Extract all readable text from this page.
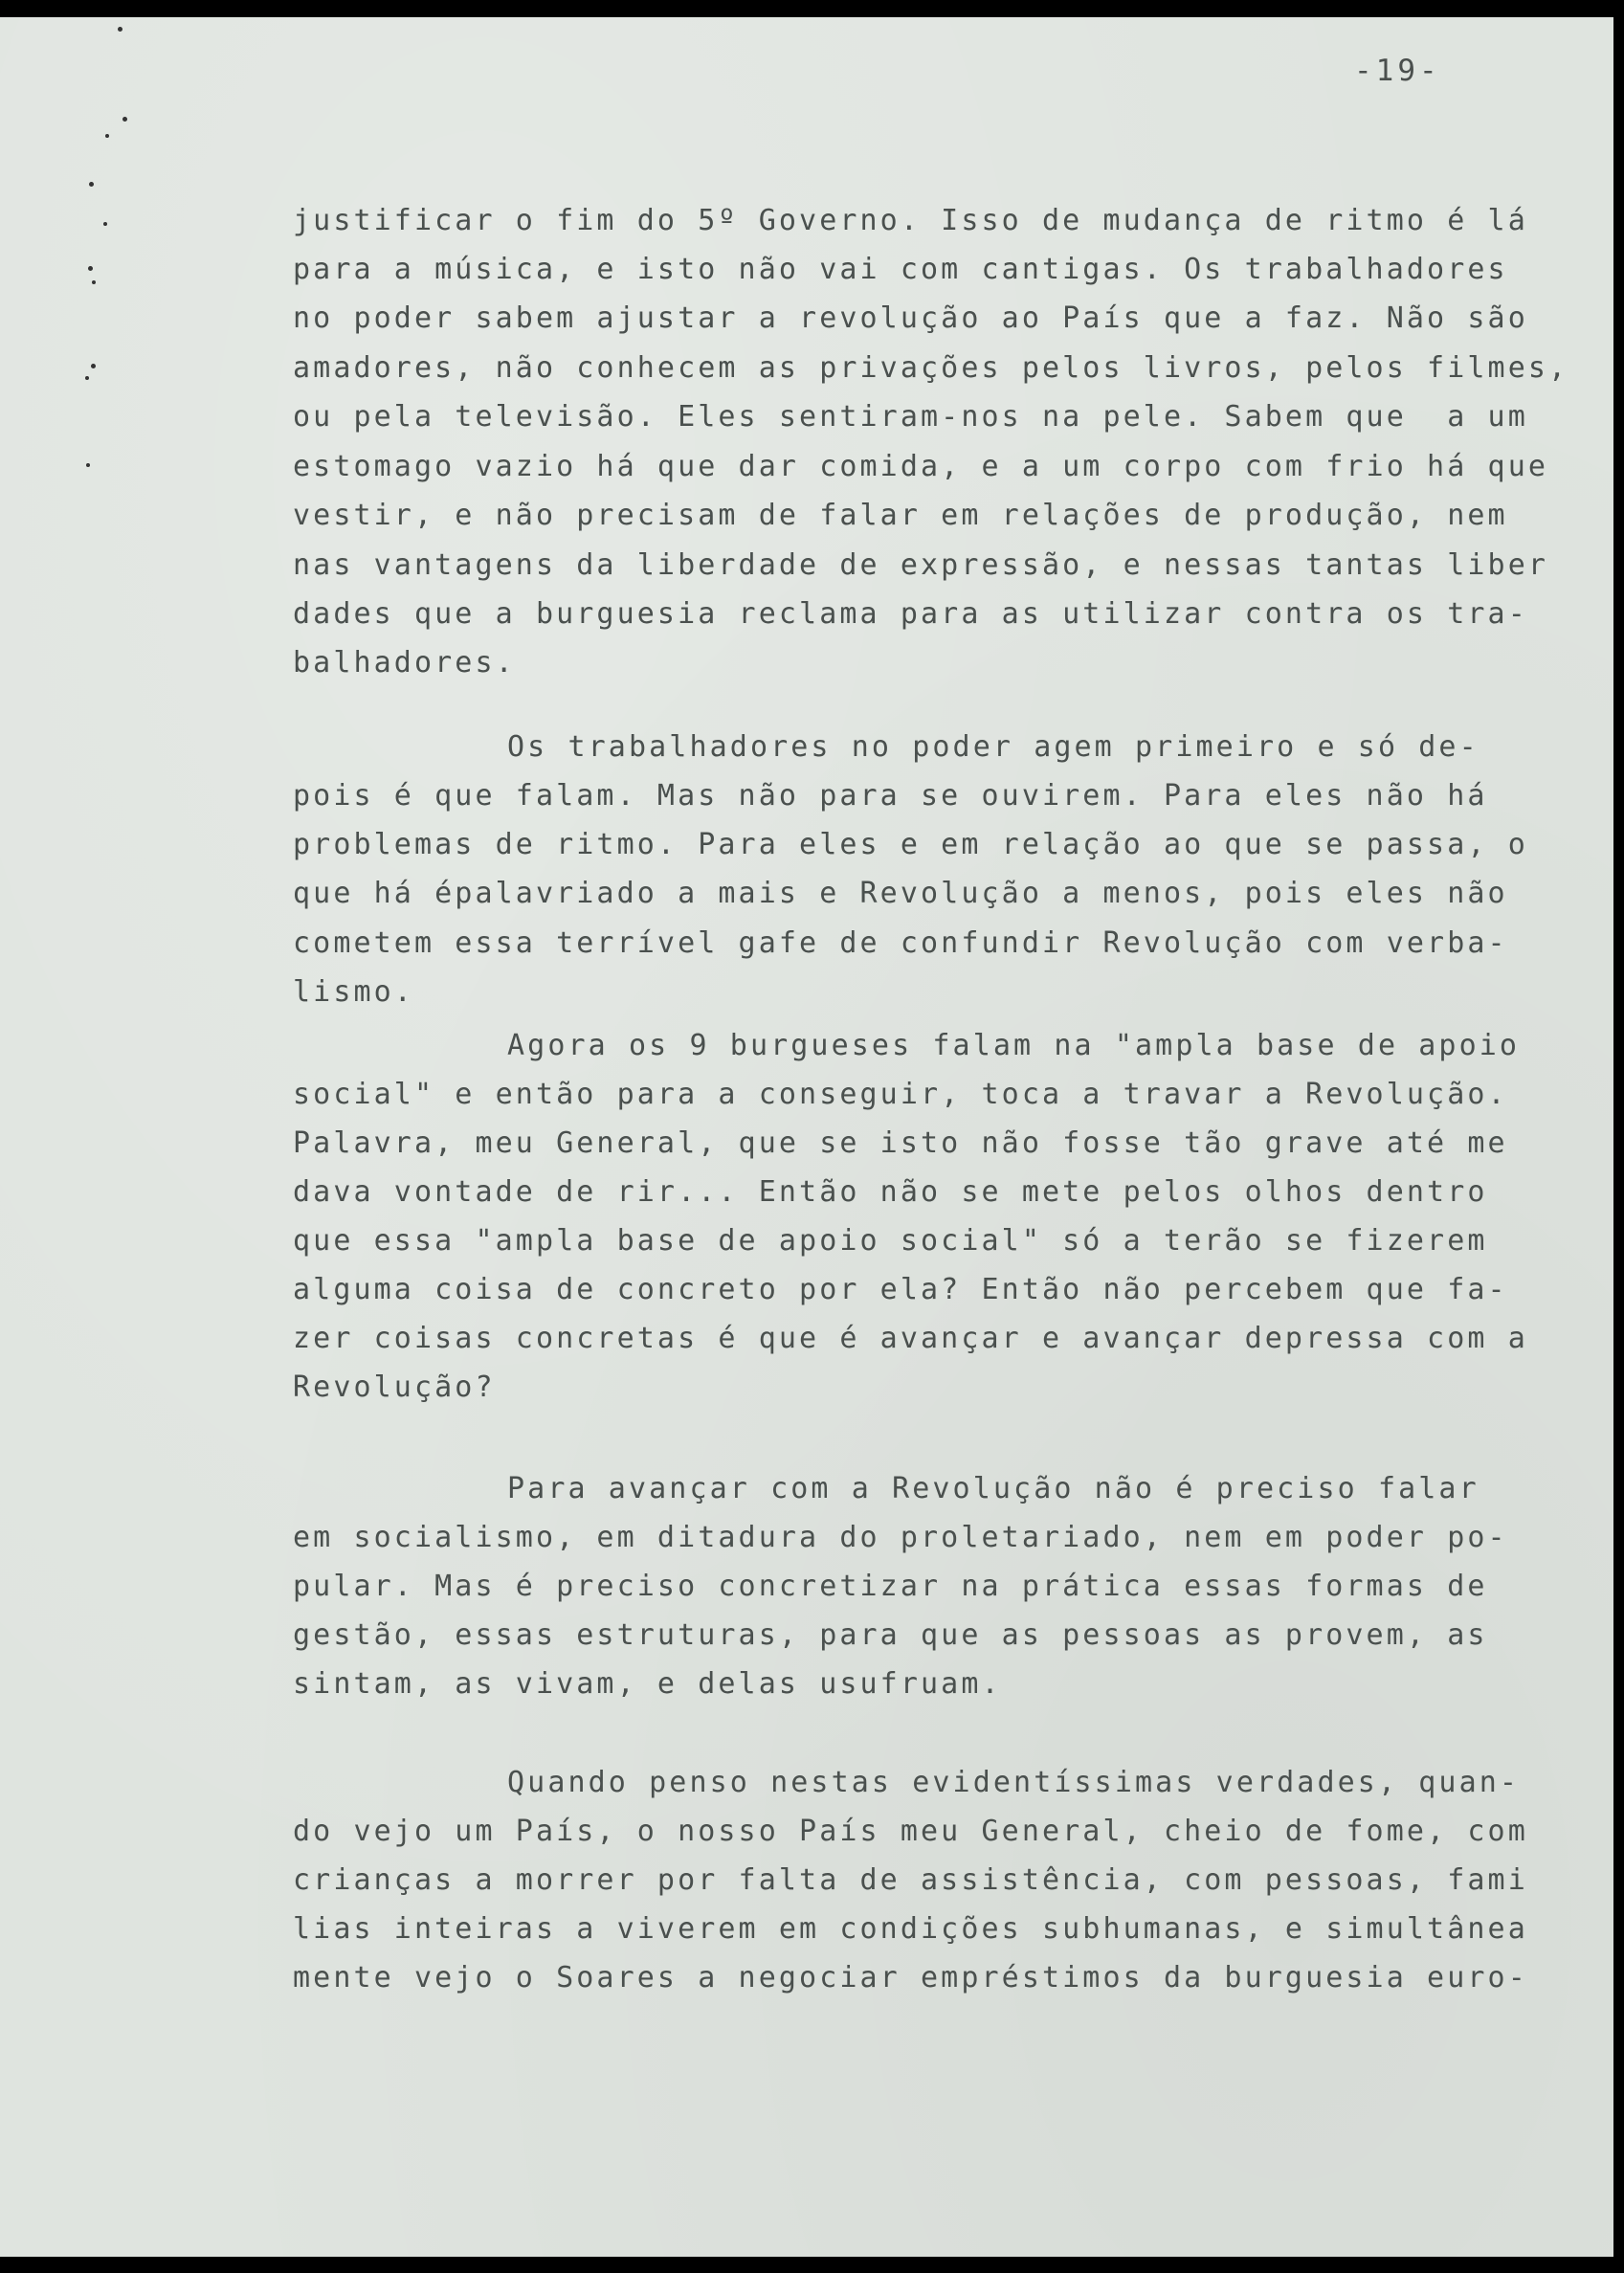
-19-
justificar o fim do 5º Governo. Isso de mudança de ritmo é lá
para a música, e isto não vai com cantigas. Os trabalhadores
no poder sabem ajustar a revolução ao País que a faz. Não são
amadores, não conhecem as privações pelos livros, pelos filmes,
ou pela televisão. Eles sentiram-nos na pele. Sabem que  a um
estomago vazio há que dar comida, e a um corpo com frio há que
vestir, e não precisam de falar em relações de produção, nem
nas vantagens da liberdade de expressão, e nessas tantas liber
dades que a burguesia reclama para as utilizar contra os tra-
balhadores.
Os trabalhadores no poder agem primeiro e só de-
pois é que falam. Mas não para se ouvirem. Para eles não há
problemas de ritmo. Para eles e em relação ao que se passa, o
que há épalavriado a mais e Revolução a menos, pois eles não
cometem essa terrível gafe de confundir Revolução com verba-
lismo.
Agora os 9 burgueses falam na "ampla base de apoio
social" e então para a conseguir, toca a travar a Revolução.
Palavra, meu General, que se isto não fosse tão grave até me
dava vontade de rir... Então não se mete pelos olhos dentro
que essa "ampla base de apoio social" só a terão se fizerem
alguma coisa de concreto por ela? Então não percebem que fa-
zer coisas concretas é que é avançar e avançar depressa com a
Revolução?
Para avançar com a Revolução não é preciso falar
em socialismo, em ditadura do proletariado, nem em poder po-
pular. Mas é preciso concretizar na prática essas formas de
gestão, essas estruturas, para que as pessoas as provem, as
sintam, as vivam, e delas usufruam.
Quando penso nestas evidentíssimas verdades, quan-
do vejo um País, o nosso País meu General, cheio de fome, com
crianças a morrer por falta de assistência, com pessoas, fami
lias inteiras a viverem em condições subhumanas, e simultânea
mente vejo o Soares a negociar empréstimos da burguesia euro-
